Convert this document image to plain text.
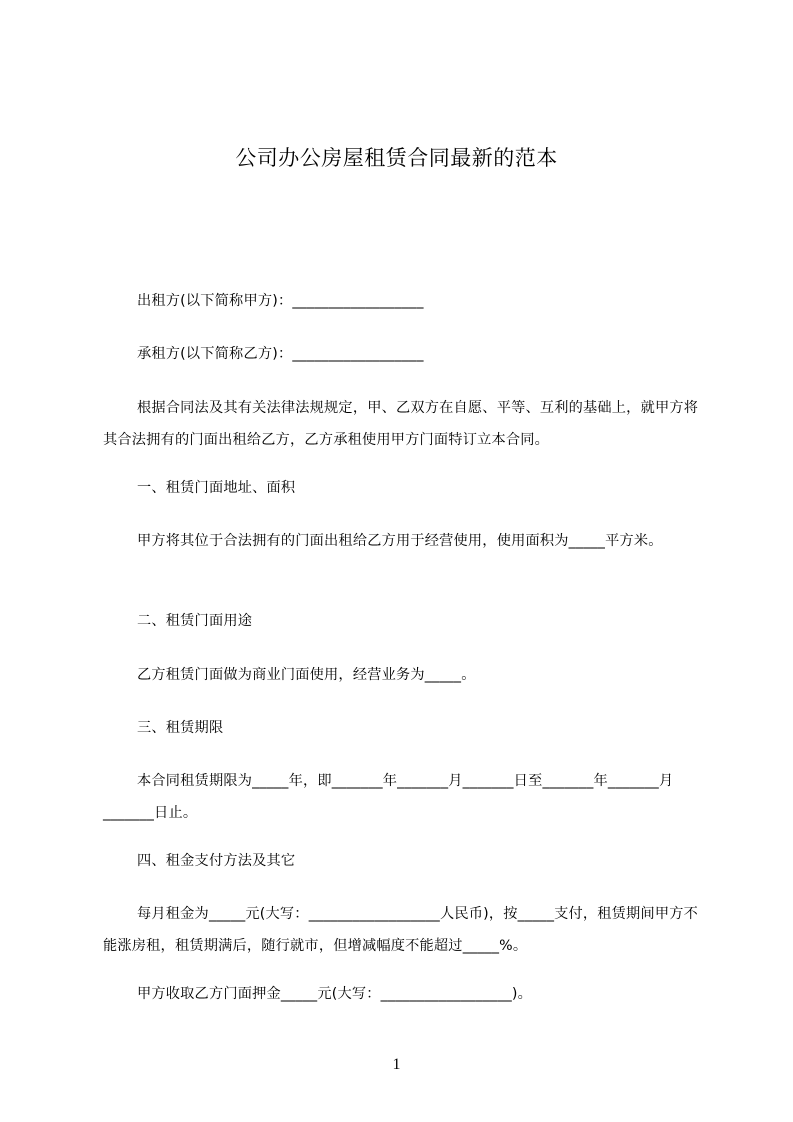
公司办公房屋租赁合同最新的范本

出租方(以下简称甲方)：__________________

承租方(以下简称乙方)：__________________

根据合同法及其有关法律法规规定，甲、乙双方在自愿、平等、互利的基础上，就甲方将其合法拥有的门面出租给乙方，乙方承租使用甲方门面特订立本合同。

一、租赁门面地址、面积

甲方将其位于合法拥有的门面出租给乙方用于经营使用，使用面积为_____平方米。

二、租赁门面用途

乙方租赁门面做为商业门面使用，经营业务为_____。

三、租赁期限

本合同租赁期限为_____年，即_______年_______月_______日至_______年_______月_______日止。

四、租金支付方法及其它

每月租金为_____元(大写：__________________人民币)，按_____支付，租赁期间甲方不能涨房租，租赁期满后，随行就市，但增减幅度不能超过_____%。

甲方收取乙方门面押金_____元(大写：__________________)。

1
